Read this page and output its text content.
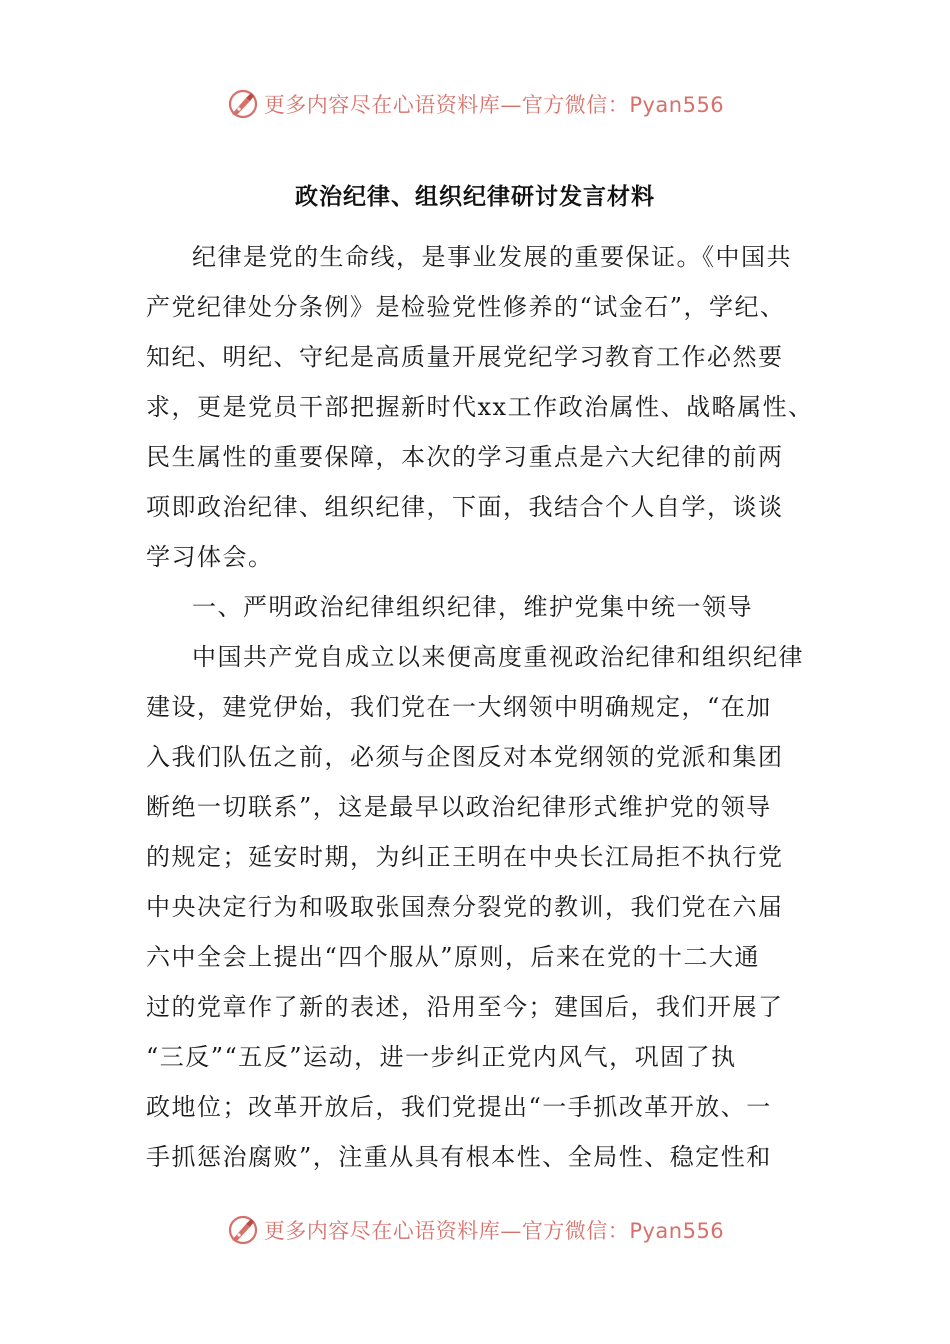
更多内容尽在心语资料库—官方微信：Pyan556
政治纪律、组织纪律研讨发言材料
纪律是党的生命线，是事业发展的重要保证。《中国共
产党纪律处分条例》是检验党性修养的“试金石”，学纪、
知纪、明纪、守纪是高质量开展党纪学习教育工作必然要
求，更是党员干部把握新时代xx工作政治属性、战略属性、
民生属性的重要保障，本次的学习重点是六大纪律的前两
项即政治纪律、组织纪律，下面，我结合个人自学，谈谈
学习体会。
一、严明政治纪律组织纪律，维护党集中统一领导
中国共产党自成立以来便高度重视政治纪律和组织纪律
建设，建党伊始，我们党在一大纲领中明确规定，“在加
入我们队伍之前，必须与企图反对本党纲领的党派和集团
断绝一切联系”，这是最早以政治纪律形式维护党的领导
的规定；延安时期，为纠正王明在中央长江局拒不执行党
中央决定行为和吸取张国焘分裂党的教训，我们党在六届
六中全会上提出“四个服从”原则，后来在党的十二大通
过的党章作了新的表述，沿用至今；建国后，我们开展了
“三反”“五反”运动，进一步纠正党内风气，巩固了执
政地位；改革开放后，我们党提出“一手抓改革开放、一
手抓惩治腐败”，注重从具有根本性、全局性、稳定性和
更多内容尽在心语资料库—官方微信：Pyan556
